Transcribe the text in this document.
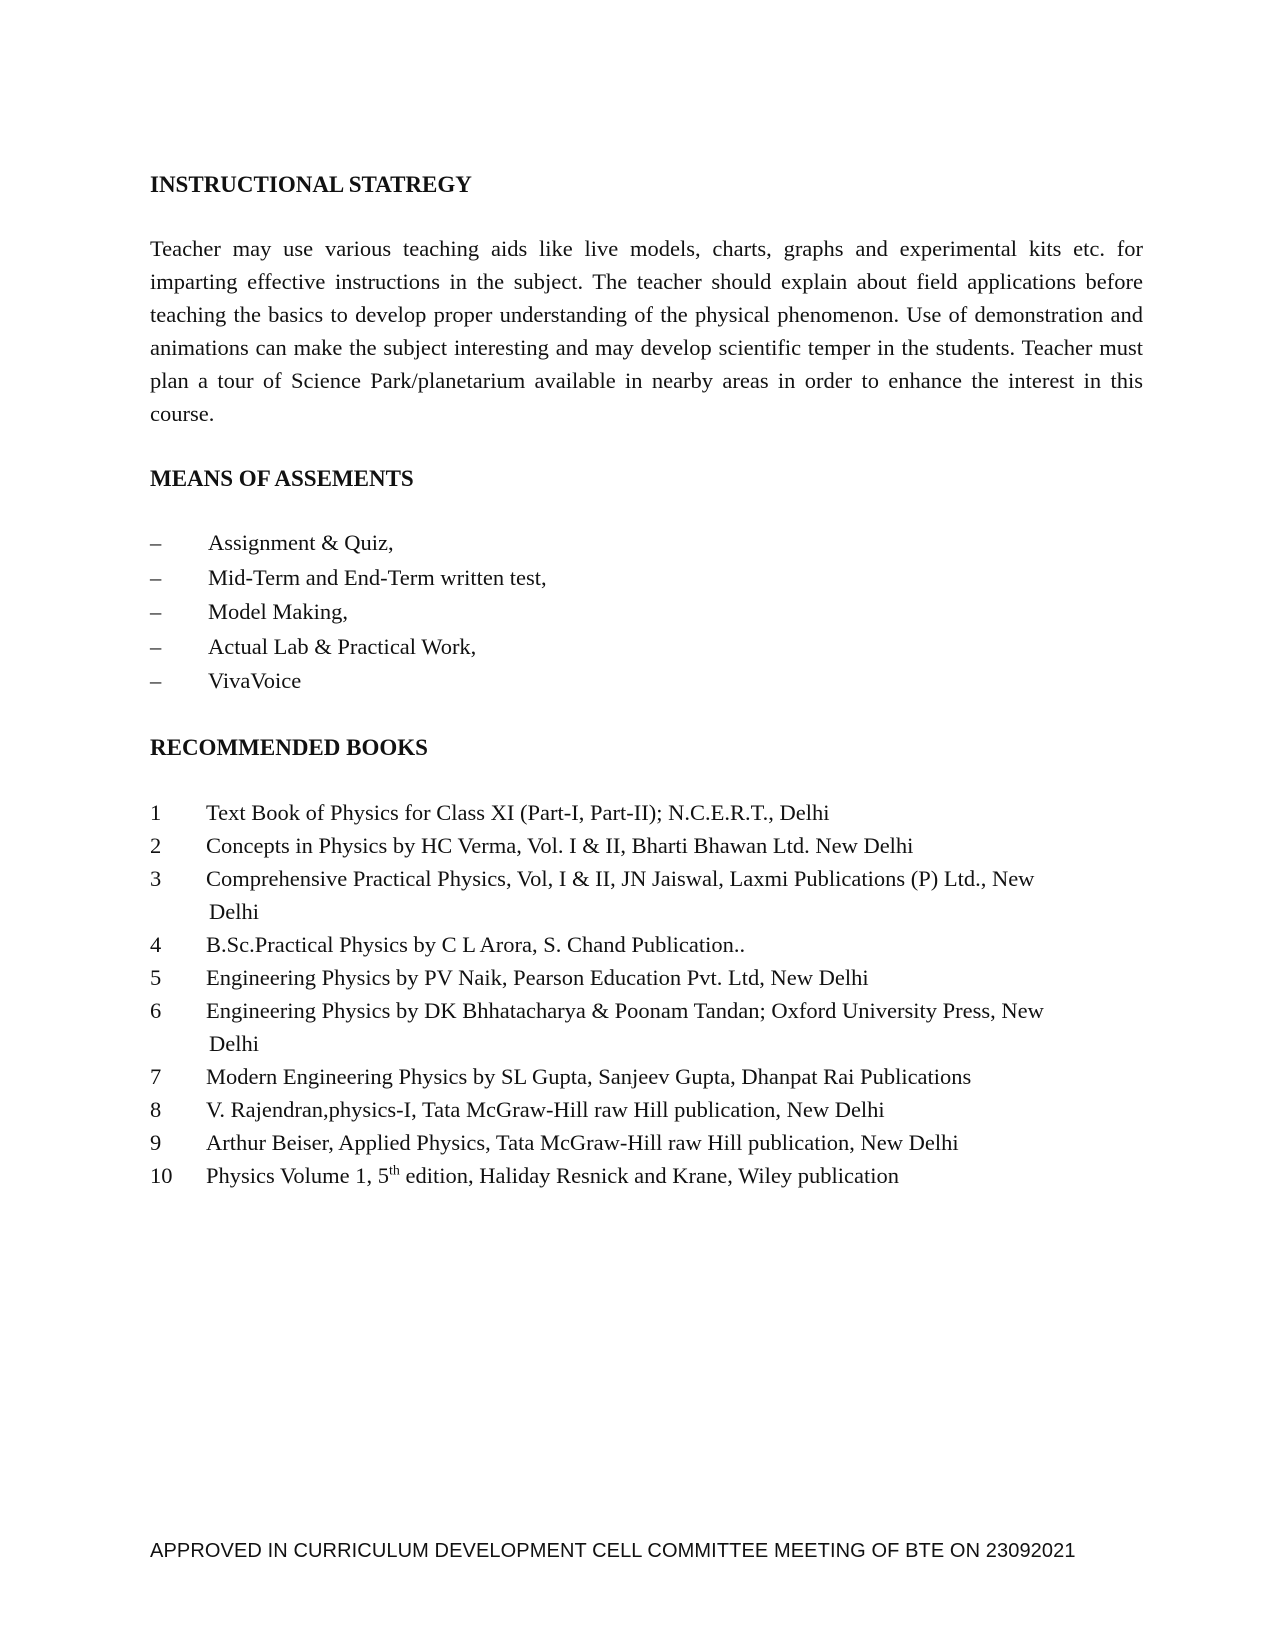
INSTRUCTIONAL STATREGY

Teacher may use various teaching aids like live models, charts, graphs and experimental kits etc. for imparting effective instructions in the subject. The teacher should explain about field applications before teaching the basics to develop proper understanding of the physical phenomenon. Use of demonstration and animations can make the subject interesting and may develop scientific temper in the students. Teacher must plan a tour of Science Park/planetarium available in nearby areas in order to enhance the interest in this course.

MEANS OF ASSEMENTS
–	Assignment & Quiz,
–	Mid-Term and End-Term written test,
–	Model Making,
–	Actual Lab & Practical Work,
–	VivaVoice
RECOMMENDED BOOKS
1	Text Book of Physics for Class XI (Part-I, Part-II); N.C.E.R.T., Delhi
2	Concepts in Physics by HC Verma, Vol. I & II, Bharti Bhawan Ltd. New Delhi
3	Comprehensive Practical Physics, Vol, I & II, JN Jaiswal, Laxmi Publications (P) Ltd., New
Delhi
4	B.Sc.Practical Physics by C L Arora, S. Chand Publication..
5	Engineering Physics by PV Naik, Pearson Education Pvt. Ltd, New Delhi
6	Engineering Physics by DK Bhhatacharya & Poonam Tandan; Oxford University Press, New
Delhi
7	Modern Engineering Physics by SL Gupta, Sanjeev Gupta, Dhanpat Rai Publications
8	V. Rajendran,physics-I, Tata McGraw-Hill raw Hill publication, New Delhi
9	Arthur Beiser, Applied Physics, Tata McGraw-Hill raw Hill publication, New Delhi
10	Physics Volume 1, 5th edition, Haliday Resnick and Krane, Wiley publication
APPROVED IN CURRICULUM DEVELOPMENT CELL COMMITTEE MEETING OF BTE ON 23092021
